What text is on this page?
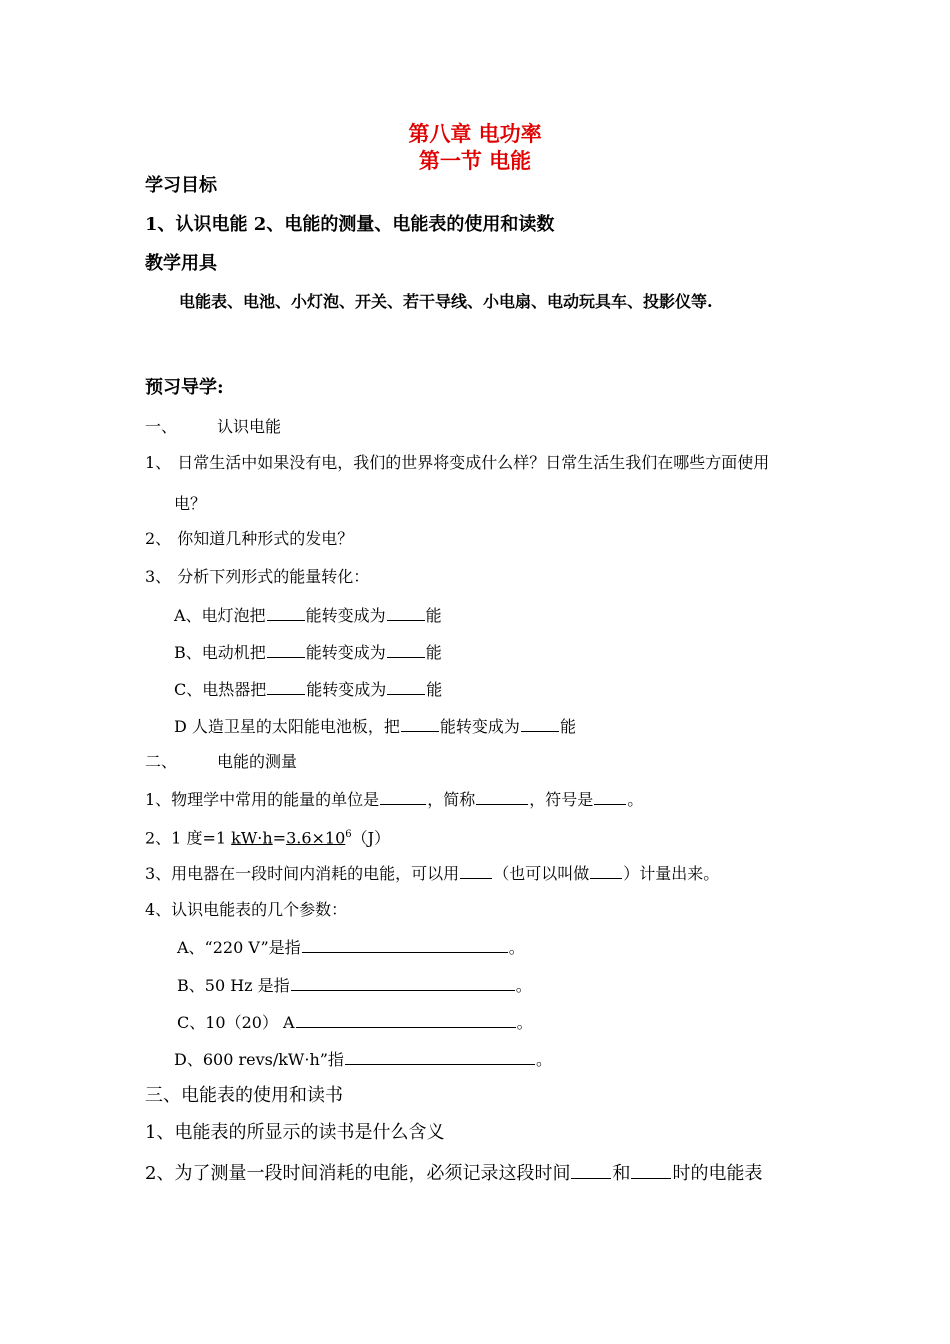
第八章 电功率
第一节 电能
学习目标
1、认识电能 2、电能的测量、电能表的使用和读数
教学用具
电能表、电池、小灯泡、开关、若干导线、小电扇、电动玩具车、投影仪等.
预习导学:
一、	认识电能
1、 日常生活中如果没有电，我们的世界将变成什么样？日常生活生我们在哪些方面使用
电？
2、 你知道几种形式的发电？
3、 分析下列形式的能量转化：
A、电灯泡把	能转变成为	能
B、电动机把	能转变成为	能
C、电热器把	能转变成为	能
D 人造卫星的太阳能电池板，把	能转变成为	能
二、	电能的测量
1、物理学中常用的能量的单位是	，简称	，符号是 。
2、1 度=1 $kW\cdot h=3.6\times 10^6(J)$
3、用电器在一段时间内消耗的电能，可以用 （也可以叫做 ）计量出来。
4、认识电能表的几个参数：
A、“220 V”是指	。
B、50 Hz 是指	。
C、10（20） A	。
D、600 revs/kW·h”指	。
三、电能表的使用和读书
1、电能表的所显示的读书是什么含义
2、为了测量一段时间消耗的电能，必须记录这段时间 和 时的电能表
